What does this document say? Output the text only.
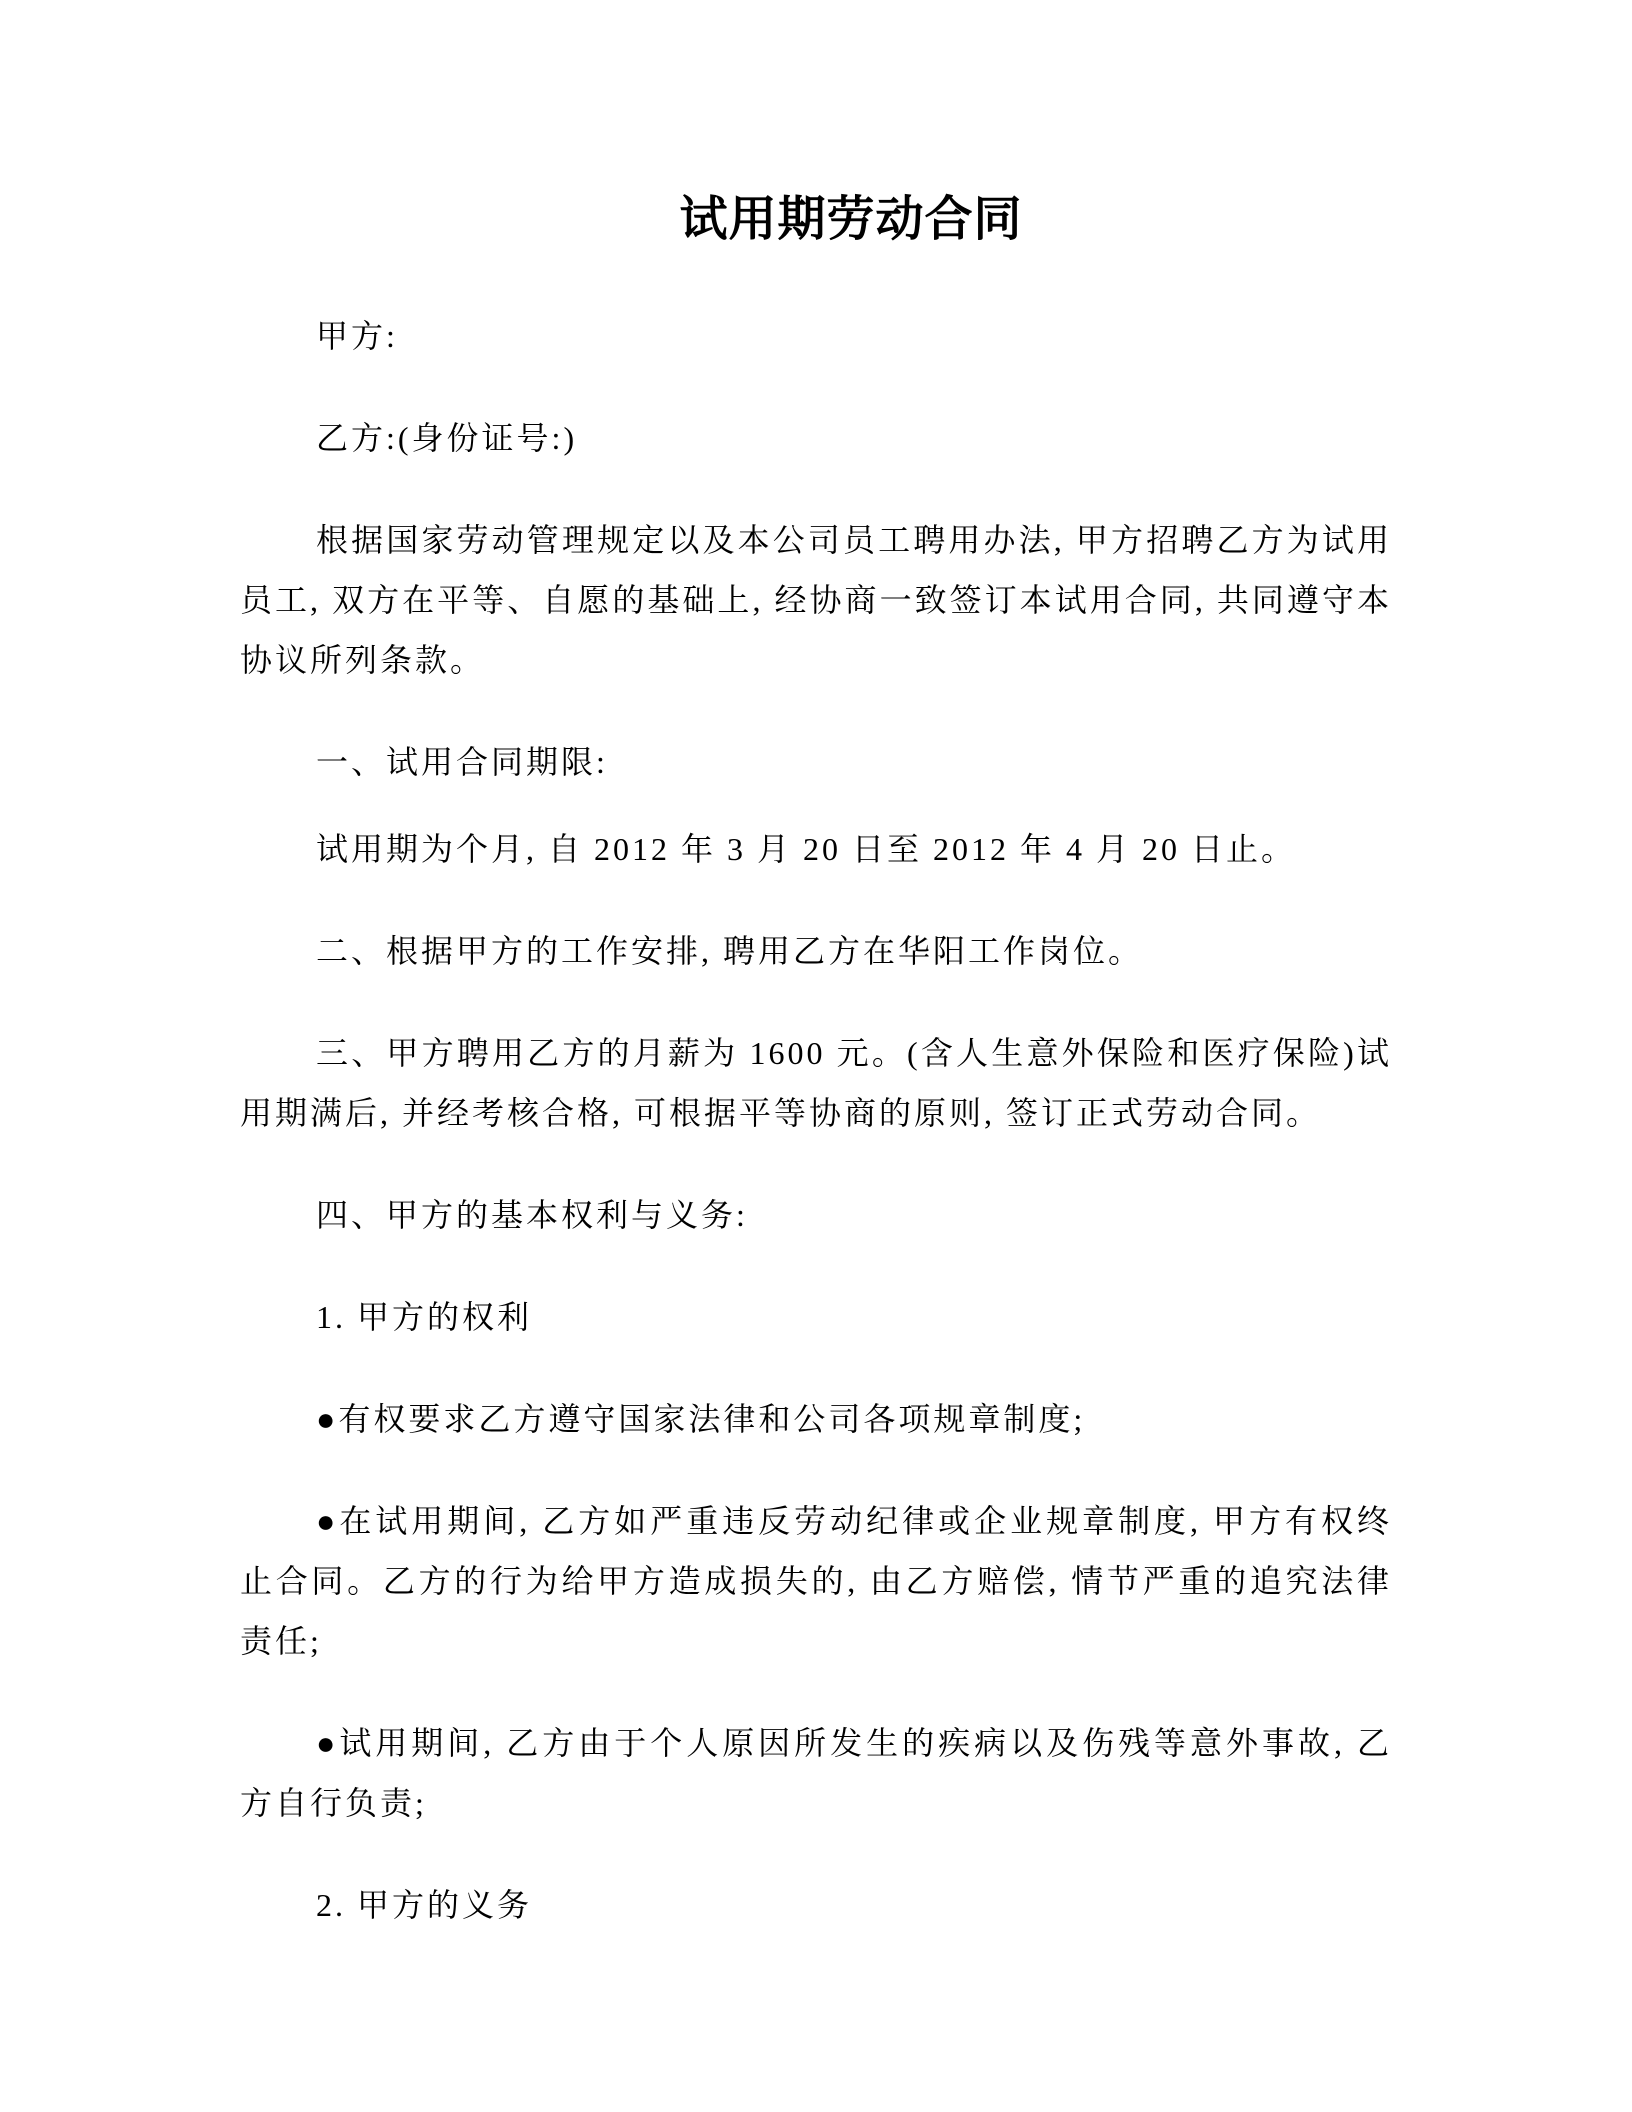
试用期劳动合同

甲方:

乙方:(身份证号:)

根据国家劳动管理规定以及本公司员工聘用办法, 甲方招聘乙方为试用员工, 双方在平等、自愿的基础上, 经协商一致签订本试用合同, 共同遵守本协议所列条款。

一、试用合同期限:

试用期为个月, 自 2012 年 3 月 20 日至 2012 年 4 月 20 日止。

二、根据甲方的工作安排, 聘用乙方在华阳工作岗位。

三、甲方聘用乙方的月薪为 1600 元。(含人生意外保险和医疗保险)试用期满后, 并经考核合格, 可根据平等协商的原则, 签订正式劳动合同。

四、甲方的基本权利与义务:

1. 甲方的权利

●有权要求乙方遵守国家法律和公司各项规章制度;

●在试用期间, 乙方如严重违反劳动纪律或企业规章制度, 甲方有权终止合同。乙方的行为给甲方造成损失的, 由乙方赔偿, 情节严重的追究法律责任;

●试用期间, 乙方由于个人原因所发生的疾病以及伤残等意外事故, 乙方自行负责;

2. 甲方的义务
